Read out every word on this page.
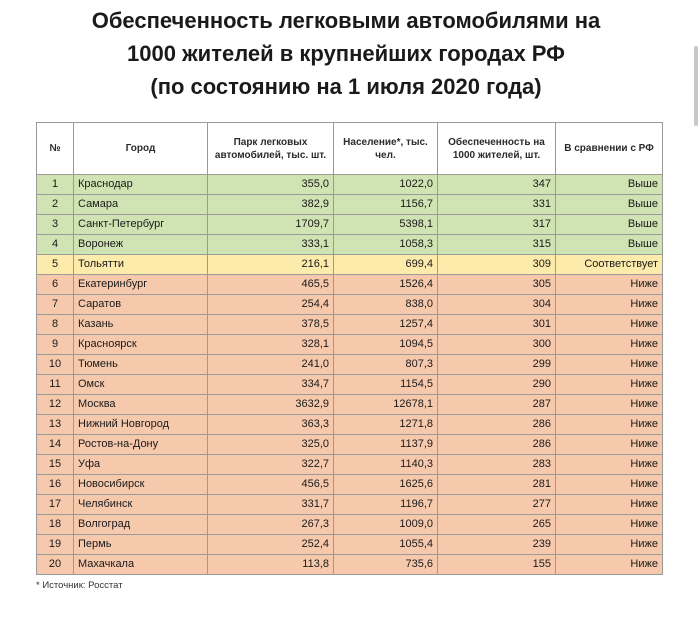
Обеспеченность легковыми автомобилями на
1000 жителей в крупнейших городах РФ
(по состоянию на 1 июля 2020 года)
№	Город	Парк легковых автомобилей, тыс. шт.	Население*, тыс. чел.	Обеспеченность на 1000 жителей, шт.	В сравнении с РФ
1	Краснодар	355,0	1022,0	347	Выше
2	Самара	382,9	1156,7	331	Выше
3	Санкт-Петербург	1709,7	5398,1	317	Выше
4	Воронеж	333,1	1058,3	315	Выше
5	Тольятти	216,1	699,4	309	Соответствует
6	Екатеринбург	465,5	1526,4	305	Ниже
7	Саратов	254,4	838,0	304	Ниже
8	Казань	378,5	1257,4	301	Ниже
9	Красноярск	328,1	1094,5	300	Ниже
10	Тюмень	241,0	807,3	299	Ниже
11	Омск	334,7	1154,5	290	Ниже
12	Москва	3632,9	12678,1	287	Ниже
13	Нижний Новгород	363,3	1271,8	286	Ниже
14	Ростов-на-Дону	325,0	1137,9	286	Ниже
15	Уфа	322,7	1140,3	283	Ниже
16	Новосибирск	456,5	1625,6	281	Ниже
17	Челябинск	331,7	1196,7	277	Ниже
18	Волгоград	267,3	1009,0	265	Ниже
19	Пермь	252,4	1055,4	239	Ниже
20	Махачкала	113,8	735,6	155	Ниже
* Источник: Росстат
